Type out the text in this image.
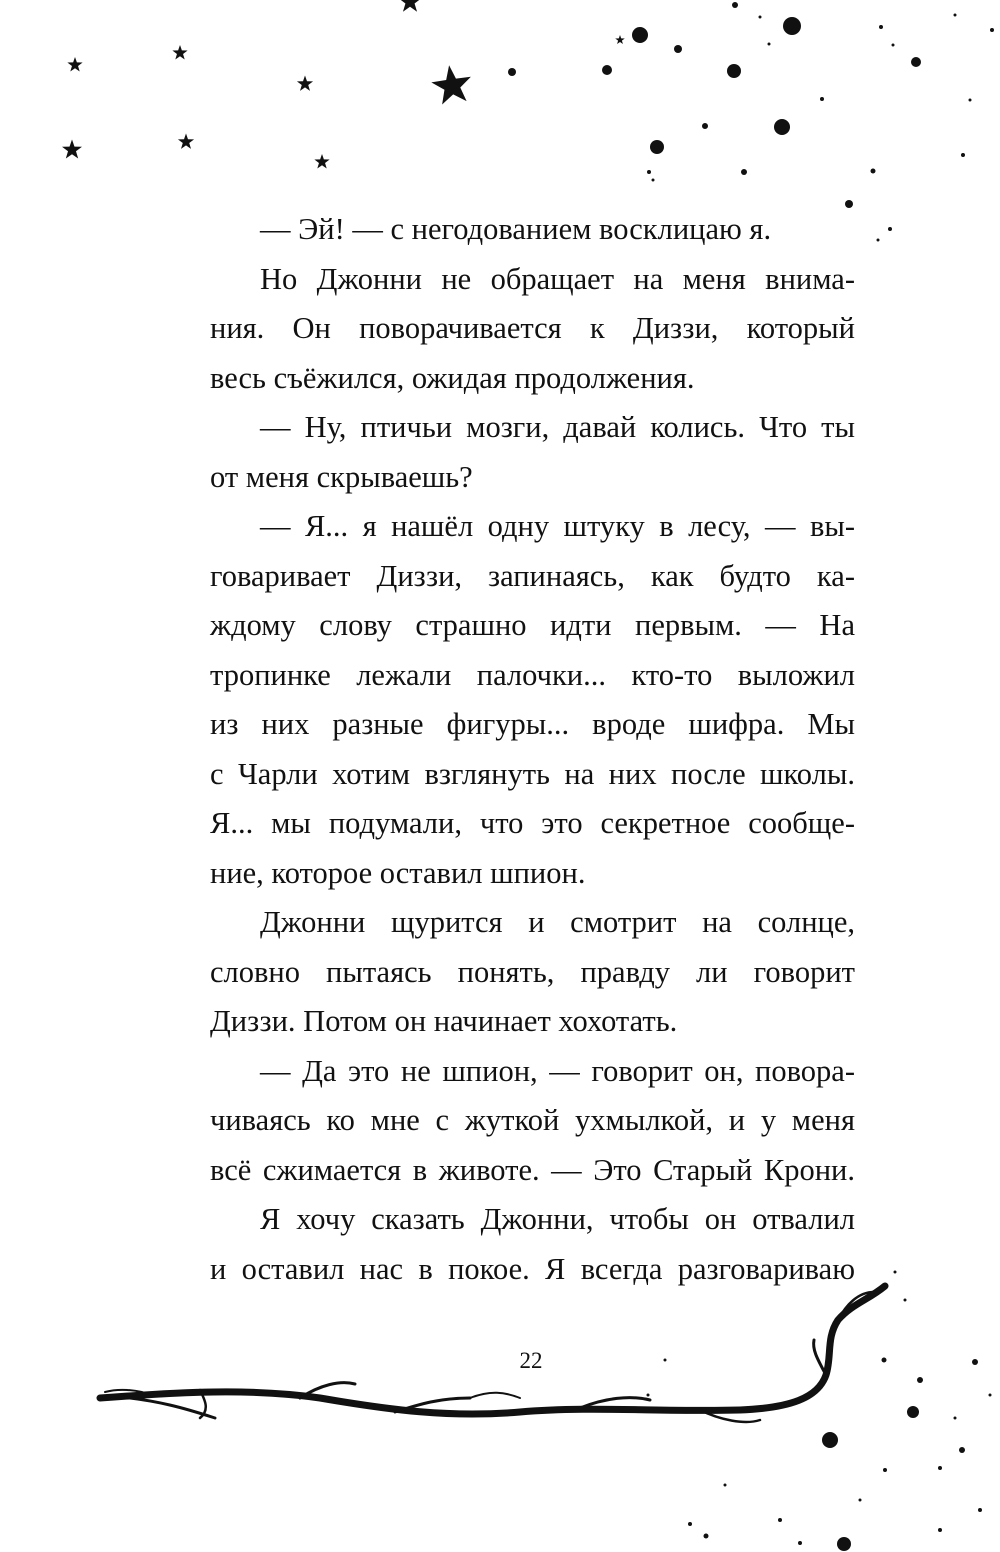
— Эй! — с негодованием восклицаю я.
Но Джонни не обращает на меня внима-
ния. Он поворачивается к Диззи, который
весь съёжился, ожидая продолжения.
— Ну, птичьи мозги, давай колись. Что ты
от меня скрываешь?
— Я... я нашёл одну штуку в лесу, — вы-
говаривает Диззи, запинаясь, как будто ка-
ждому слову страшно идти первым. — На
тропинке лежали палочки... кто-то выложил
из них разные фигуры... вроде шифра. Мы
с Чарли хотим взглянуть на них после школы.
Я... мы подумали, что это секретное сообще-
ние, которое оставил шпион.
Джонни щурится и смотрит на солнце,
словно пытаясь понять, правду ли говорит
Диззи. Потом он начинает хохотать.
— Да это не шпион, — говорит он, повора-
чиваясь ко мне с жуткой ухмылкой, и у меня
всё сжимается в животе. — Это Старый Крони.
Я хочу сказать Джонни, чтобы он отвалил
и оставил нас в покое. Я всегда разговариваю
22
